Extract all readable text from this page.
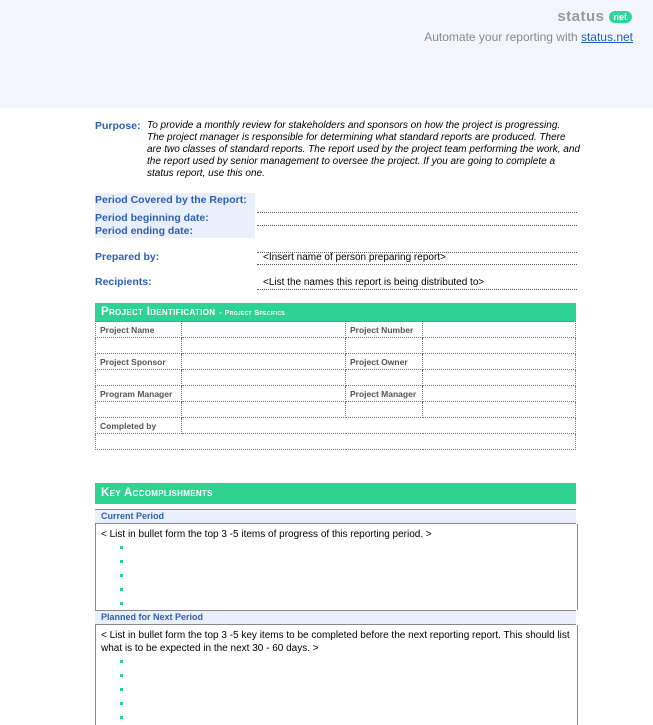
status	net
Automate your reporting with status.net
Purpose: To provide a monthly review for stakeholders and sponsors on how the project is progressing. The project manager is responsible for determining what standard reports are produced. There are two classes of standard reports. The report used by the project team performing the work, and the report used by senior management to oversee the project. If you are going to complete a status report, use this one.
Period Covered by the Report:
Period beginning date:
Period ending date:
Prepared by:	<Insert name of person preparing report>
Recipients:	<List the names this report is being distributed to>
Project Identification - Project Specifics
Project Name		Project Number	

Project Sponsor		Project Owner	

Program Manager		Project Manager	

Completed by			

Key Accomplishments
Current Period
< List in bullet form the top 3 -5 items of progress of this reporting period. >
Planned for Next Period
< List in bullet form the top 3 -5 key items to be completed before the next reporting report. This should list what is to be expected in the next 30 - 60 days. >
